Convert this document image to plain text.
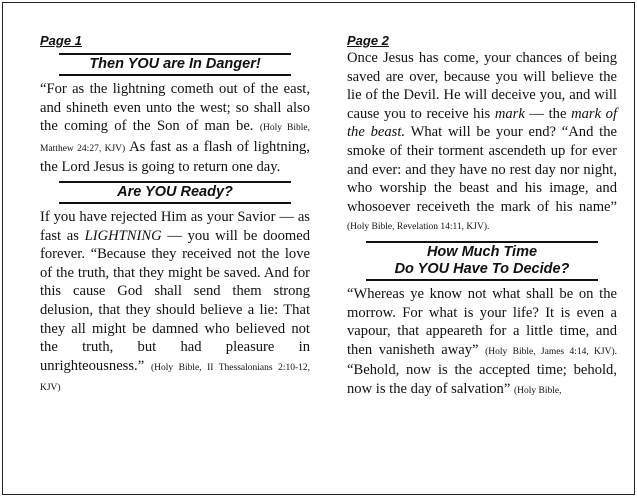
Page 1
Then YOU are In Danger!

“For as the lightning cometh out of the east, and shineth even unto the west; so shall also the coming of the Son of man be. (Holy Bible, Matthew 24:27, KJV) As fast as a flash of lightning, the Lord Jesus is going to return one day.

Are YOU Ready?

If you have rejected Him as your Savior — as fast as LIGHTNING — you will be doomed forever. “Because they received not the love of the truth, that they might be saved. And for this cause God shall send them strong delusion, that they should believe a lie: That they all might be damned who believed not the truth, but had pleasure in unrighteousness.” (Holy Bible, II Thessalonians 2:10-12, KJV)

Page 2

Once Jesus has come, your chances of being saved are over, because you will believe the lie of the Devil. He will deceive you, and will cause you to receive his mark — the mark of the beast. What will be your end? “And the smoke of their torment ascendeth up for ever and ever: and they have no rest day nor night, who worship the beast and his image, and whosoever receiveth the mark of his name” (Holy Bible, Revelation 14:11, KJV).

How Much Time
Do YOU Have To Decide?

“Whereas ye know not what shall be on the morrow. For what is your life? It is even a vapour, that appeareth for a little time, and then vanisheth away” (Holy Bible, James 4:14, KJV). “Behold, now is the accepted time; behold, now is the day of salvation” (Holy Bible,
